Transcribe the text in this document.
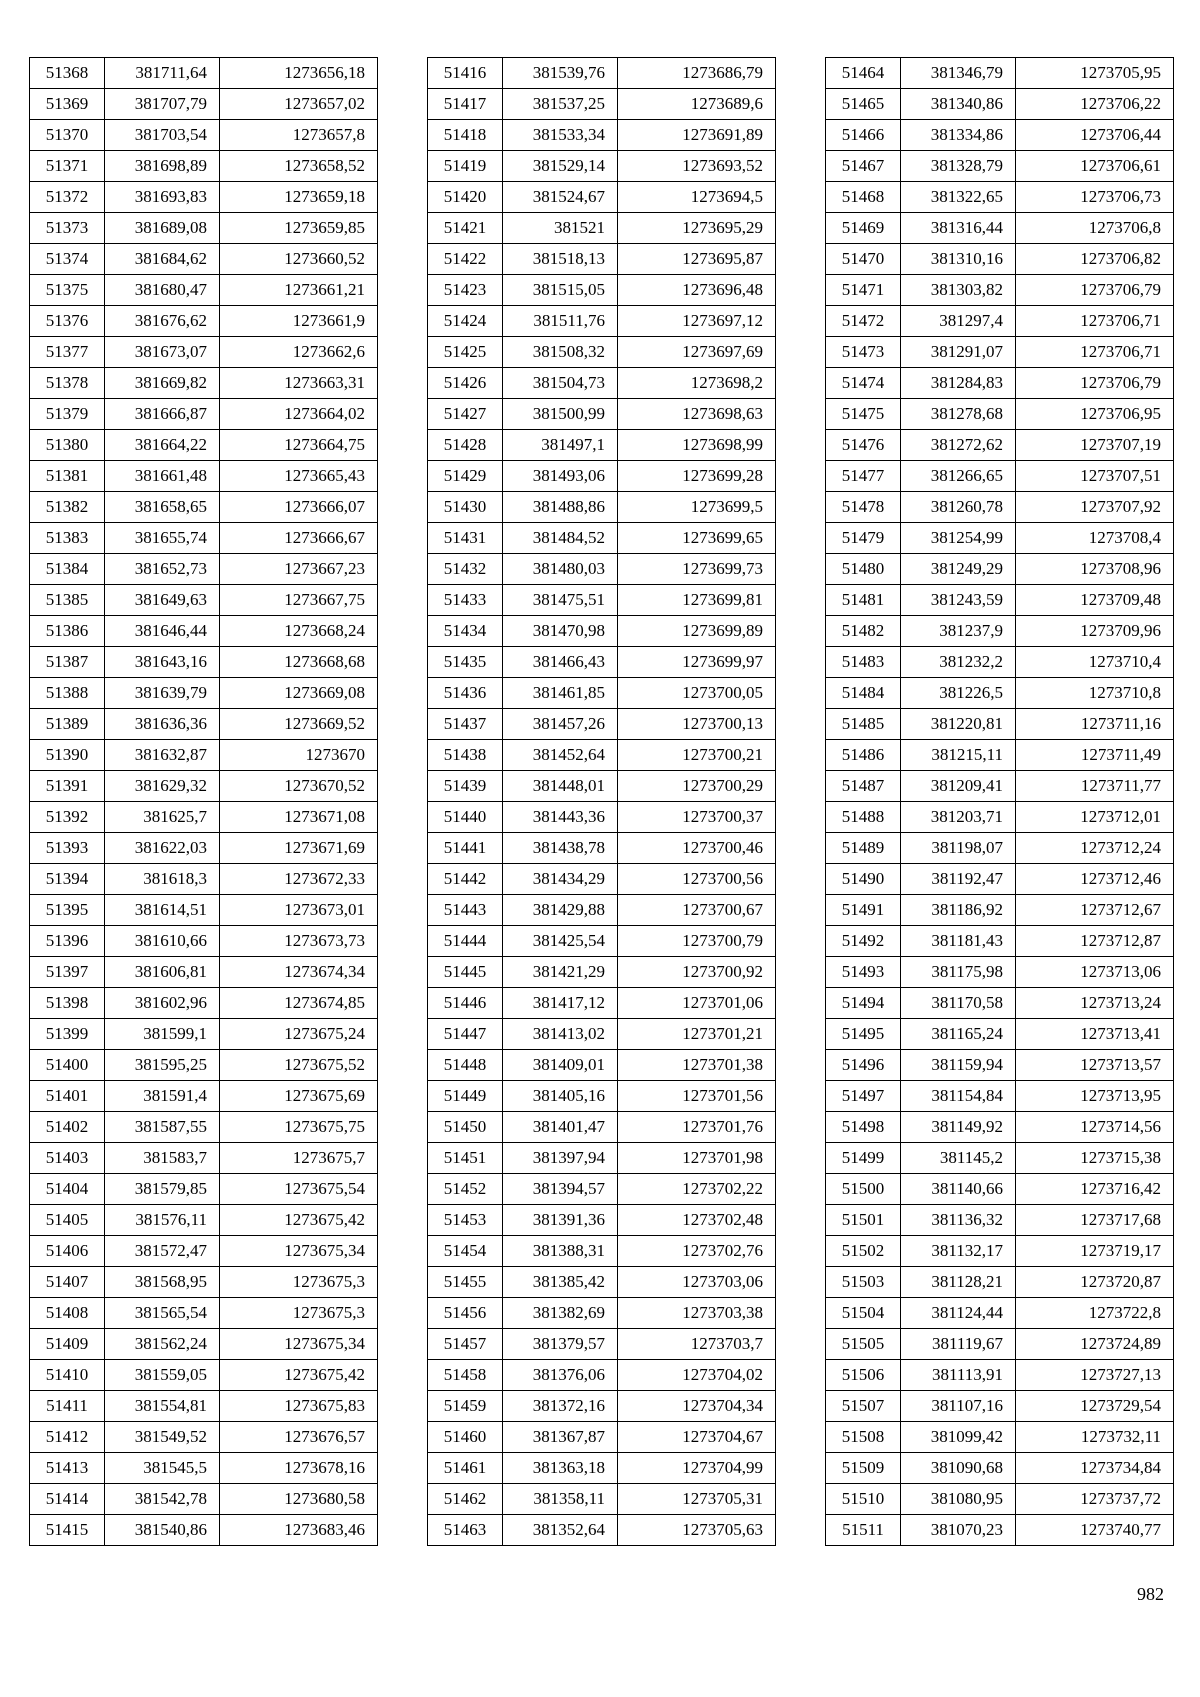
51368	381711,64	1273656,18
51369	381707,79	1273657,02
51370	381703,54	1273657,8
51371	381698,89	1273658,52
51372	381693,83	1273659,18
51373	381689,08	1273659,85
51374	381684,62	1273660,52
51375	381680,47	1273661,21
51376	381676,62	1273661,9
51377	381673,07	1273662,6
51378	381669,82	1273663,31
51379	381666,87	1273664,02
51380	381664,22	1273664,75
51381	381661,48	1273665,43
51382	381658,65	1273666,07
51383	381655,74	1273666,67
51384	381652,73	1273667,23
51385	381649,63	1273667,75
51386	381646,44	1273668,24
51387	381643,16	1273668,68
51388	381639,79	1273669,08
51389	381636,36	1273669,52
51390	381632,87	1273670
51391	381629,32	1273670,52
51392	381625,7	1273671,08
51393	381622,03	1273671,69
51394	381618,3	1273672,33
51395	381614,51	1273673,01
51396	381610,66	1273673,73
51397	381606,81	1273674,34
51398	381602,96	1273674,85
51399	381599,1	1273675,24
51400	381595,25	1273675,52
51401	381591,4	1273675,69
51402	381587,55	1273675,75
51403	381583,7	1273675,7
51404	381579,85	1273675,54
51405	381576,11	1273675,42
51406	381572,47	1273675,34
51407	381568,95	1273675,3
51408	381565,54	1273675,3
51409	381562,24	1273675,34
51410	381559,05	1273675,42
51411	381554,81	1273675,83
51412	381549,52	1273676,57
51413	381545,5	1273678,16
51414	381542,78	1273680,58
51415	381540,86	1273683,46
51416	381539,76	1273686,79
51417	381537,25	1273689,6
51418	381533,34	1273691,89
51419	381529,14	1273693,52
51420	381524,67	1273694,5
51421	381521	1273695,29
51422	381518,13	1273695,87
51423	381515,05	1273696,48
51424	381511,76	1273697,12
51425	381508,32	1273697,69
51426	381504,73	1273698,2
51427	381500,99	1273698,63
51428	381497,1	1273698,99
51429	381493,06	1273699,28
51430	381488,86	1273699,5
51431	381484,52	1273699,65
51432	381480,03	1273699,73
51433	381475,51	1273699,81
51434	381470,98	1273699,89
51435	381466,43	1273699,97
51436	381461,85	1273700,05
51437	381457,26	1273700,13
51438	381452,64	1273700,21
51439	381448,01	1273700,29
51440	381443,36	1273700,37
51441	381438,78	1273700,46
51442	381434,29	1273700,56
51443	381429,88	1273700,67
51444	381425,54	1273700,79
51445	381421,29	1273700,92
51446	381417,12	1273701,06
51447	381413,02	1273701,21
51448	381409,01	1273701,38
51449	381405,16	1273701,56
51450	381401,47	1273701,76
51451	381397,94	1273701,98
51452	381394,57	1273702,22
51453	381391,36	1273702,48
51454	381388,31	1273702,76
51455	381385,42	1273703,06
51456	381382,69	1273703,38
51457	381379,57	1273703,7
51458	381376,06	1273704,02
51459	381372,16	1273704,34
51460	381367,87	1273704,67
51461	381363,18	1273704,99
51462	381358,11	1273705,31
51463	381352,64	1273705,63
51464	381346,79	1273705,95
51465	381340,86	1273706,22
51466	381334,86	1273706,44
51467	381328,79	1273706,61
51468	381322,65	1273706,73
51469	381316,44	1273706,8
51470	381310,16	1273706,82
51471	381303,82	1273706,79
51472	381297,4	1273706,71
51473	381291,07	1273706,71
51474	381284,83	1273706,79
51475	381278,68	1273706,95
51476	381272,62	1273707,19
51477	381266,65	1273707,51
51478	381260,78	1273707,92
51479	381254,99	1273708,4
51480	381249,29	1273708,96
51481	381243,59	1273709,48
51482	381237,9	1273709,96
51483	381232,2	1273710,4
51484	381226,5	1273710,8
51485	381220,81	1273711,16
51486	381215,11	1273711,49
51487	381209,41	1273711,77
51488	381203,71	1273712,01
51489	381198,07	1273712,24
51490	381192,47	1273712,46
51491	381186,92	1273712,67
51492	381181,43	1273712,87
51493	381175,98	1273713,06
51494	381170,58	1273713,24
51495	381165,24	1273713,41
51496	381159,94	1273713,57
51497	381154,84	1273713,95
51498	381149,92	1273714,56
51499	381145,2	1273715,38
51500	381140,66	1273716,42
51501	381136,32	1273717,68
51502	381132,17	1273719,17
51503	381128,21	1273720,87
51504	381124,44	1273722,8
51505	381119,67	1273724,89
51506	381113,91	1273727,13
51507	381107,16	1273729,54
51508	381099,42	1273732,11
51509	381090,68	1273734,84
51510	381080,95	1273737,72
51511	381070,23	1273740,77
982
